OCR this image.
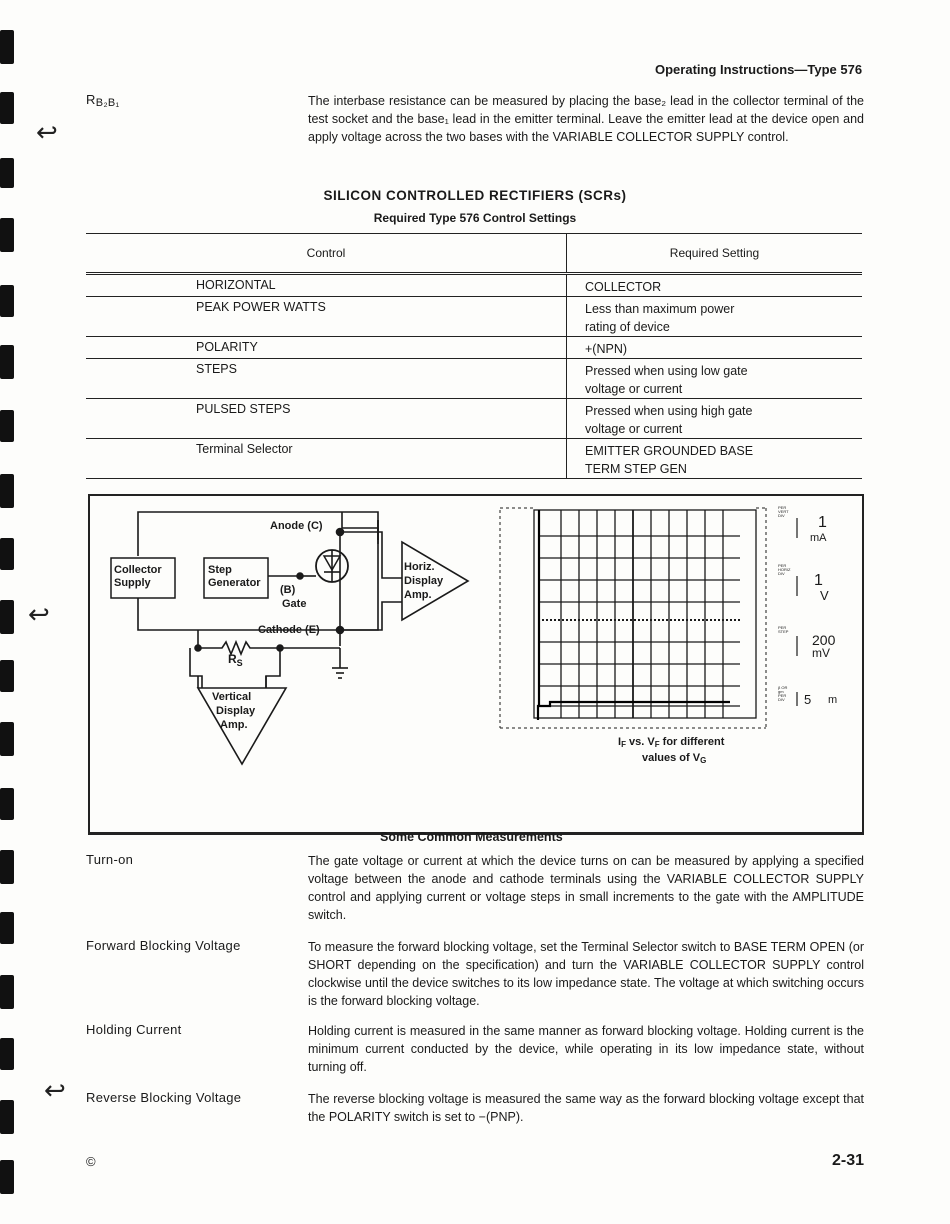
↩
↩
↩
Operating Instructions—Type 576
RB₂B₁	The interbase resistance can be measured by placing the base₂ lead in the collector terminal of the test socket and the base₁ lead in the emitter terminal. Leave the emitter lead at the device open and apply voltage across the two bases with the VARIABLE COLLECTOR SUPPLY control.
SILICON CONTROLLED RECTIFIERS (SCRs)
Required Type 576 Control Settings
Control	Required Setting
HORIZONTAL	COLLECTOR
PEAK POWER WATTS	Less than maximum power rating of device
POLARITY	+(NPN)
STEPS	Pressed when using low gate voltage or current
PULSED STEPS	Pressed when using high gate voltage or current
Terminal Selector	EMITTER GROUNDED BASE TERM STEP GEN
Collector
Supply
Step
Generator
Anode (C)
Cathode (E)
(B)
Gate
$R_S$
Horiz.
Display
Amp.
Vertical
Display
Amp.
IF vs. VF for different
values of VG
PER VERT DIV	1
mA
PER HORIZ DIV	1
V
PER STEP
200
mV
β OR gm PER DIV	5 m
Some Common Measurements
Turn-on	The gate voltage or current at which the device turns on can be measured by applying a specified voltage between the anode and cathode terminals using the VARIABLE COLLECTOR SUPPLY control and applying current or voltage steps in small increments to the gate with the AMPLITUDE switch.
Forward Blocking Voltage	To measure the forward blocking voltage, set the Terminal Selector switch to BASE TERM OPEN (or SHORT depending on the specification) and turn the VARIABLE COLLECTOR SUPPLY control clockwise until the device switches to its low impedance state. The voltage at which switching occurs is the forward blocking voltage.
Holding Current	Holding current is measured in the same manner as forward blocking voltage. Holding current is the minimum current conducted by the device, while operating in its low impedance state, without turning off.
Reverse Blocking Voltage	The reverse blocking voltage is measured the same way as the forward blocking voltage except that the POLARITY switch is set to −(PNP).
©	2-31
